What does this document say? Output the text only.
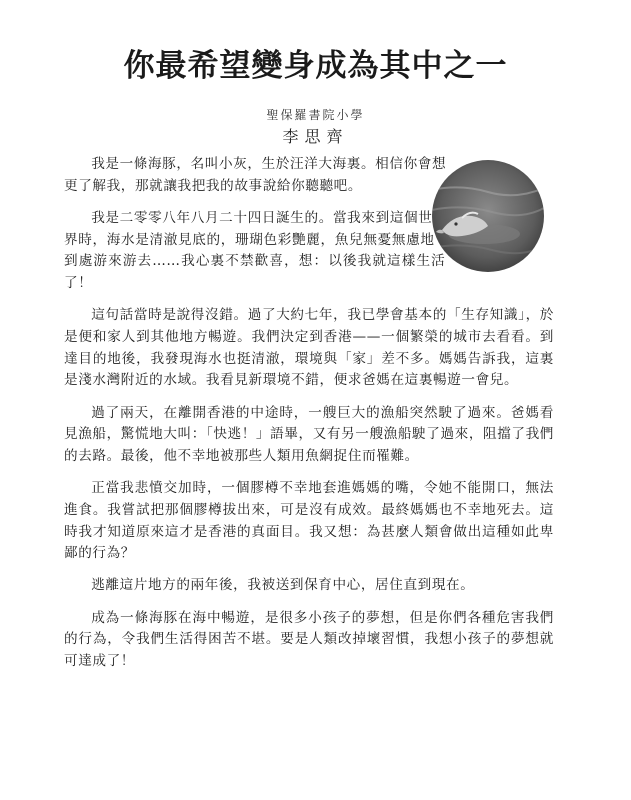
你最希望變身成為其中之一
聖保羅書院小學
李思齊

我是一條海豚，名叫小灰，生於汪洋大海裏。相信你會想更了解我，那就讓我把我的故事說給你聽聽吧。

我是二零零八年八月二十四日誕生的。當我來到這個世界時，海水是清澈見底的，珊瑚色彩艷麗，魚兒無憂無慮地到處游來游去……我心裏不禁歡喜，想：以後我就這樣生活了！

這句話當時是說得沒錯。過了大約七年，我已學會基本的「生存知識」，於是便和家人到其他地方暢遊。我們決定到香港——一個繁榮的城市去看看。到達目的地後，我發現海水也挺清澈，環境與「家」差不多。媽媽告訴我，這裏是淺水灣附近的水域。我看見新環境不錯，便求爸媽在這裏暢遊一會兒。

過了兩天，在離開香港的中途時，一艘巨大的漁船突然駛了過來。爸媽看見漁船，驚慌地大叫：「快逃！」語畢，又有另一艘漁船駛了過來，阻擋了我們的去路。最後，他不幸地被那些人類用魚網捉住而罹難。

正當我悲憤交加時，一個膠樽不幸地套進媽媽的嘴，令她不能開口，無法進食。我嘗試把那個膠樽拔出來，可是沒有成效。最終媽媽也不幸地死去。這時我才知道原來這才是香港的真面目。我又想：為甚麼人類會做出這種如此卑鄙的行為？

逃離這片地方的兩年後，我被送到保育中心，居住直到現在。

成為一條海豚在海中暢遊，是很多小孩子的夢想，但是你們各種危害我們的行為，令我們生活得困苦不堪。要是人類改掉壞習慣，我想小孩子的夢想就可達成了！
